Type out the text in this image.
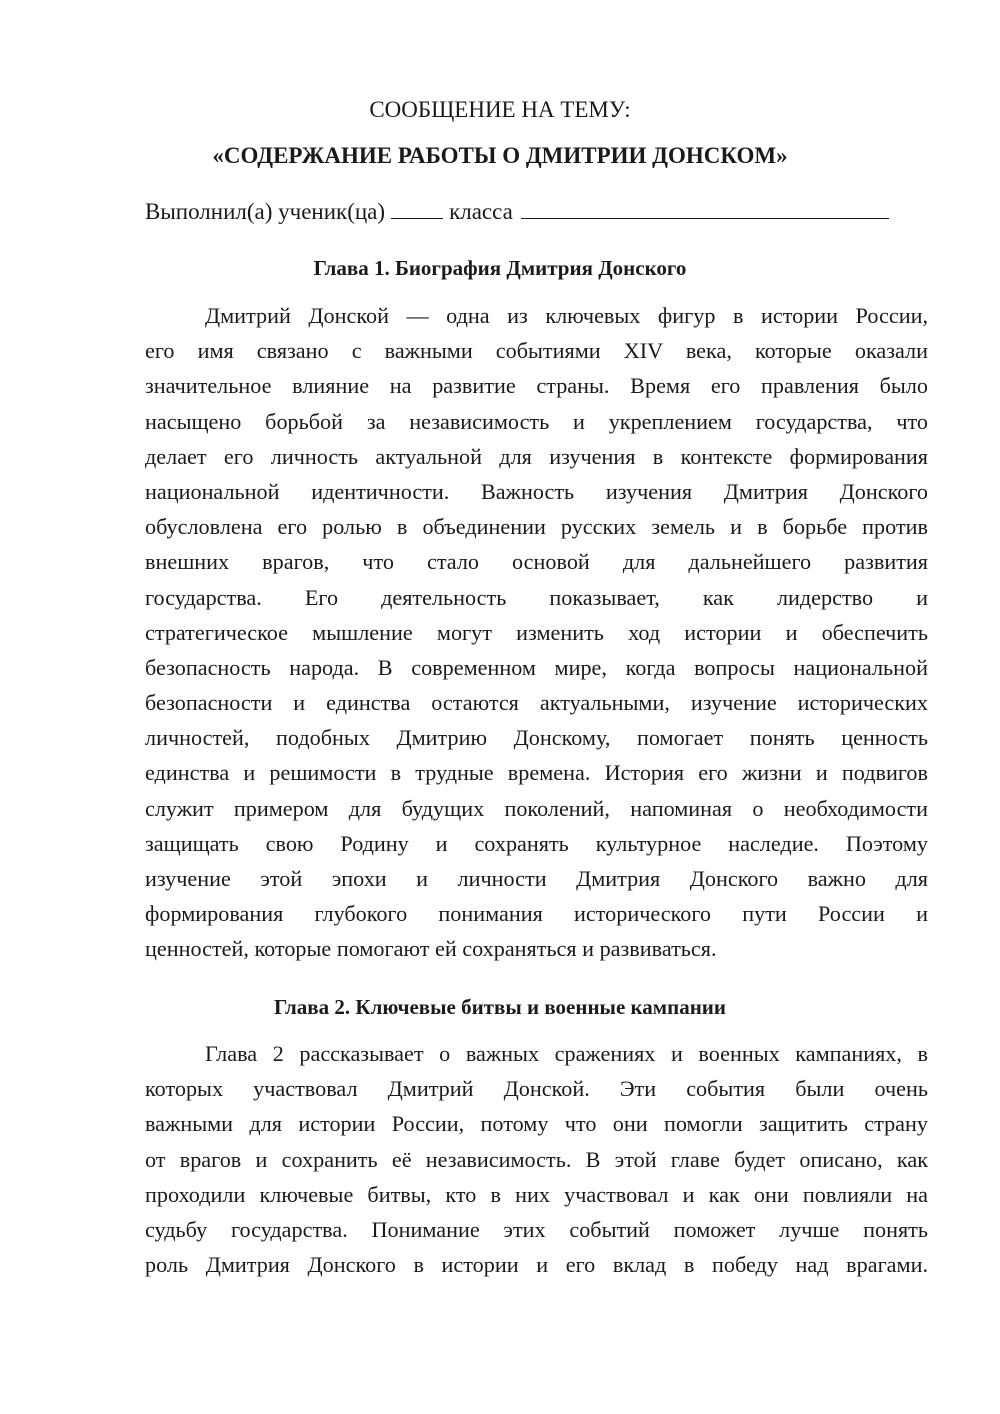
СООБЩЕНИЕ НА ТЕМУ:
«СОДЕРЖАНИЕ РАБОТЫ О ДМИТРИИ ДОНСКОМ»
Выполнил(а) ученик(ца)	класса
Глава 1. Биография Дмитрия Донского
Дмитрий Донской — одна из ключевых фигур в истории России,
его имя связано с важными событиями XIV века, которые оказали
значительное влияние на развитие страны. Время его правления было
насыщено борьбой за независимость и укреплением государства, что
делает его личность актуальной для изучения в контексте формирования
национальной идентичности. Важность изучения Дмитрия Донского
обусловлена его ролью в объединении русских земель и в борьбе против
внешних врагов, что стало основой для дальнейшего развития
государства. Его деятельность показывает, как лидерство и
стратегическое мышление могут изменить ход истории и обеспечить
безопасность народа. В современном мире, когда вопросы национальной
безопасности и единства остаются актуальными, изучение исторических
личностей, подобных Дмитрию Донскому, помогает понять ценность
единства и решимости в трудные времена. История его жизни и подвигов
служит примером для будущих поколений, напоминая о необходимости
защищать свою Родину и сохранять культурное наследие. Поэтому
изучение этой эпохи и личности Дмитрия Донского важно для
формирования глубокого понимания исторического пути России и
ценностей, которые помогают ей сохраняться и развиваться.
Глава 2. Ключевые битвы и военные кампании
Глава 2 рассказывает о важных сражениях и военных кампаниях, в
которых участвовал Дмитрий Донской. Эти события были очень
важными для истории России, потому что они помогли защитить страну
от врагов и сохранить её независимость. В этой главе будет описано, как
проходили ключевые битвы, кто в них участвовал и как они повлияли на
судьбу государства. Понимание этих событий поможет лучше понять
роль Дмитрия Донского в истории и его вклад в победу над врагами.
